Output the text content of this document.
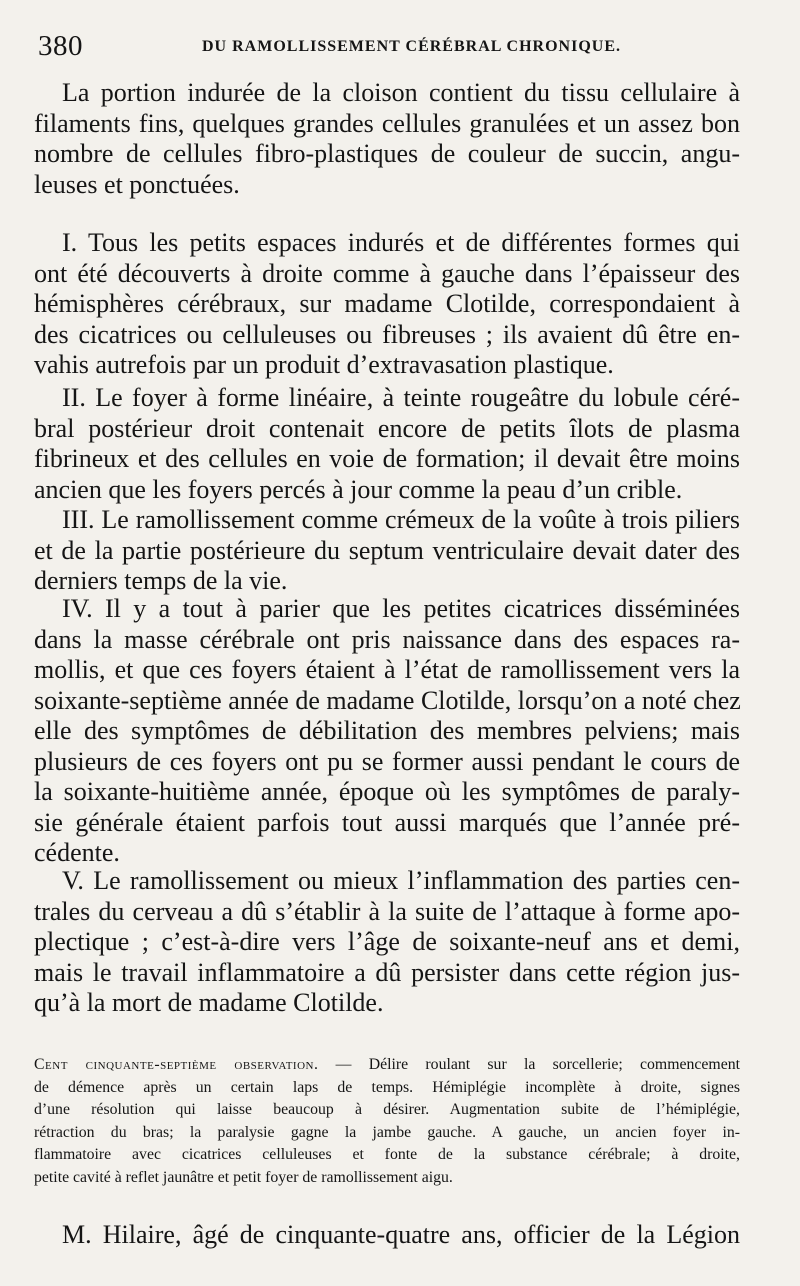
380	DU RAMOLLISSEMENT CÉRÉBRAL CHRONIQUE.
La portion indurée de la cloison contient du tissu cellulaire à
filaments fins, quelques grandes cellules granulées et un assez bon
nombre de cellules fibro-plastiques de couleur de succin, angu-
leuses et ponctuées.
I. Tous les petits espaces indurés et de différentes formes qui
ont été découverts à droite comme à gauche dans l’épaisseur des
hémisphères cérébraux, sur madame Clotilde, correspondaient à
des cicatrices ou celluleuses ou fibreuses ; ils avaient dû être en-
vahis autrefois par un produit d’extravasation plastique.
II. Le foyer à forme linéaire, à teinte rougeâtre du lobule céré-
bral postérieur droit contenait encore de petits îlots de plasma
fibrineux et des cellules en voie de formation; il devait être moins
ancien que les foyers percés à jour comme la peau d’un crible.
III. Le ramollissement comme crémeux de la voûte à trois piliers
et de la partie postérieure du septum ventriculaire devait dater des
derniers temps de la vie.
IV. Il y a tout à parier que les petites cicatrices disséminées
dans la masse cérébrale ont pris naissance dans des espaces ra-
mollis, et que ces foyers étaient à l’état de ramollissement vers la
soixante-septième année de madame Clotilde, lorsqu’on a noté chez
elle des symptômes de débilitation des membres pelviens; mais
plusieurs de ces foyers ont pu se former aussi pendant le cours de
la soixante-huitième année, époque où les symptômes de paraly-
sie générale étaient parfois tout aussi marqués que l’année pré-
cédente.
V. Le ramollissement ou mieux l’inflammation des parties cen-
trales du cerveau a dû s’établir à la suite de l’attaque à forme apo-
plectique ; c’est-à-dire vers l’âge de soixante-neuf ans et demi,
mais le travail inflammatoire a dû persister dans cette région jus-
qu’à la mort de madame Clotilde.
Cent cinquante-septième observation. — Délire roulant sur la sorcellerie; commencement
de démence après un certain laps de temps. Hémiplégie incomplète à droite, signes
d’une résolution qui laisse beaucoup à désirer. Augmentation subite de l’hémiplégie,
rétraction du bras; la paralysie gagne la jambe gauche. A gauche, un ancien foyer in-
flammatoire avec cicatrices celluleuses et fonte de la substance cérébrale; à droite,
petite cavité à reflet jaunâtre et petit foyer de ramollissement aigu.
M. Hilaire, âgé de cinquante-quatre ans, officier de la Légion
